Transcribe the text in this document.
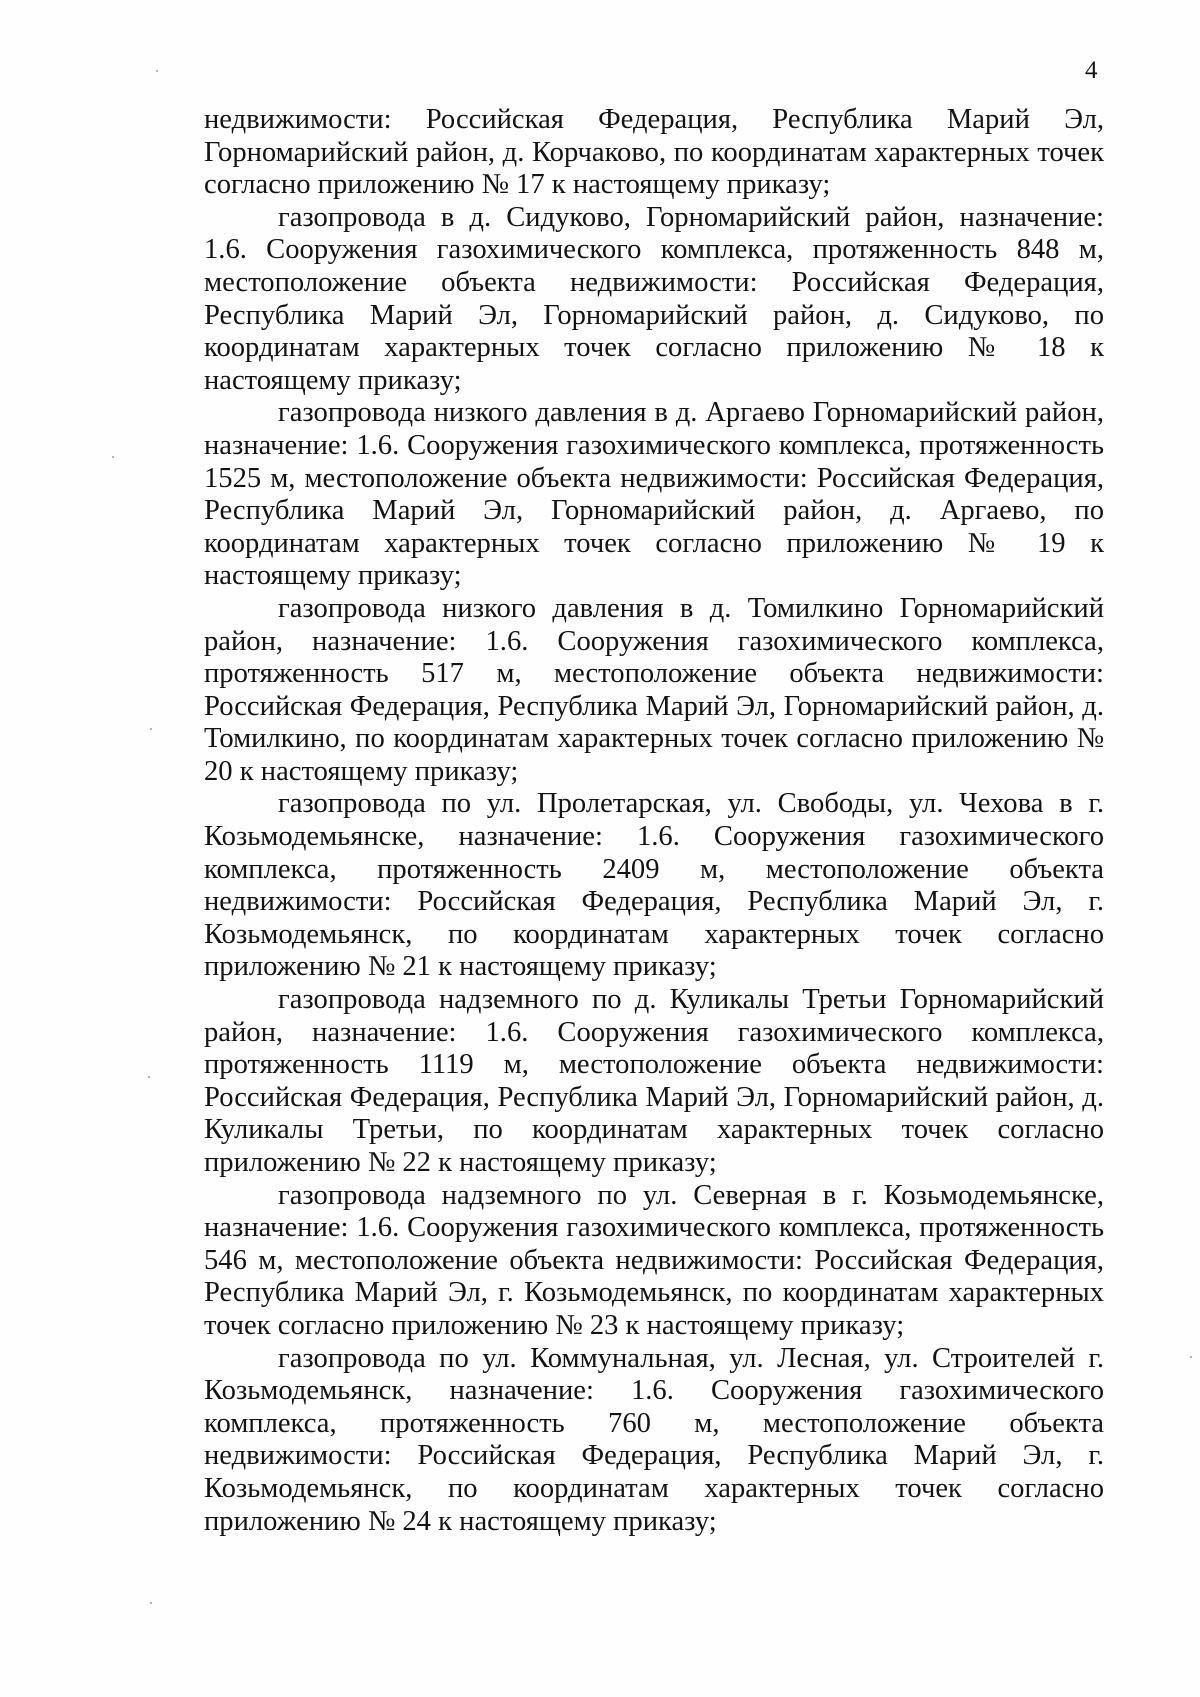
4

недвижимости: Российская Федерация, Республика Марий Эл, Горномарийский район, д. Корчаково, по координатам характерных точек согласно приложению № 17 к настоящему приказу;

газопровода в д. Сидуково, Горномарийский район, назначение: 1.6. Сооружения газохимического комплекса, протяженность 848 м, местоположение объекта недвижимости: Российская Федерация, Республика Марий Эл, Горномарийский район, д. Сидуково, по координатам характерных точек согласно приложению № 18 к настоящему приказу;

газопровода низкого давления в д. Аргаево Горномарийский район, назначение: 1.6. Сооружения газохимического комплекса, протяженность 1525 м, местоположение объекта недвижимости: Российская Федерация, Республика Марий Эл, Горномарийский район, д. Аргаево, по координатам характерных точек согласно приложению № 19 к настоящему приказу;

газопровода низкого давления в д. Томилкино Горномарийский район, назначение: 1.6. Сооружения газохимического комплекса, протяженность 517 м, местоположение объекта недвижимости: Российская Федерация, Республика Марий Эл, Горномарийский район, д. Томилкино, по координатам характерных точек согласно приложению № 20 к настоящему приказу;

газопровода по ул. Пролетарская, ул. Свободы, ул. Чехова в г. Козьмодемьянске, назначение: 1.6. Сооружения газохимического комплекса, протяженность 2409 м, местоположение объекта недвижимости: Российская Федерация, Республика Марий Эл, г. Козьмодемьянск, по координатам характерных точек согласно приложению № 21 к настоящему приказу;

газопровода надземного по д. Куликалы Третьи Горномарийский район, назначение: 1.6. Сооружения газохимического комплекса, протяженность 1119 м, местоположение объекта недвижимости: Российская Федерация, Республика Марий Эл, Горномарийский район, д. Куликалы Третьи, по координатам характерных точек согласно приложению № 22 к настоящему приказу;

газопровода надземного по ул. Северная в г. Козьмодемьянске, назначение: 1.6. Сооружения газохимического комплекса, протяженность 546 м, местоположение объекта недвижимости: Российская Федерация, Республика Марий Эл, г. Козьмодемьянск, по координатам характерных точек согласно приложению № 23 к настоящему приказу;

газопровода по ул. Коммунальная, ул. Лесная, ул. Строителей г. Козьмодемьянск, назначение: 1.6. Сооружения газохимического комплекса, протяженность 760 м, местоположение объекта недвижимости: Российская Федерация, Республика Марий Эл, г. Козьмодемьянск, по координатам характерных точек согласно приложению № 24 к настоящему приказу;
